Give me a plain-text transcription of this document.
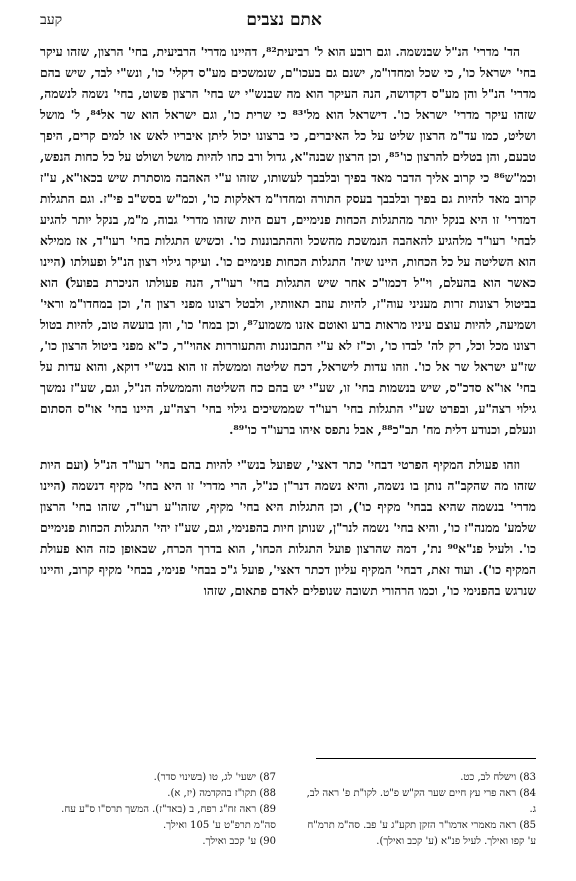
אתם נצבים
קעב

הד' מדרי' הנ"ל שבנשמה. וגם רובע הוא ל' רביעית⁸², דהיינו מדרי' הרביעית, בחי' הרצון, שזהו עיקר בחי' ישראל כו', כי שכל ומחדו"מ, ישנם גם בעכו"ם, שנמשכים מע"ס דקלי' כו', ונש"י לבד, שיש בהם מדרי' הנ"ל והן מע"ס דקדושה, הנה העיקר הוא מה שבנש"י יש בחי' הרצון פשוט, בחי' נשמה לנשמה, שזהו עיקר מדרי' ישראל כו'. דישראל הוא מל'⁸³ כי שרית כו', וגם ישראל הוא שר אל⁸⁴, ל' מושל ושליט, כמו עד"מ הרצון שליט על כל האיברים, כי ברצונו יכול ליתן איבריו לאש או למים קרים, היפך טבעם, והן בטלים להרצון כו'⁸⁵, וכן הרצון שבנה"א, גדול ורב כחו להיות מושל ושולט על כל כחות הנפש, וכמ"ש⁸⁶ כי קרוב אליך הדבר מאד בפיך ובלבבך לעשותו, שזהו ע"י האהבה מוסתרת שיש בכאו"א, ע"ז קרוב מאד להיות גם בפיך ובלבבך בעסק התורה ומחדו"מ דאלקות כו', וכמ"ש בסש"ב פי"ז. וגם התגלות דמדרי' זו היא בנקל יותר מהתגלות הכחות פנימיים, דעם היות שזהו מדרי' גבוה, מ"מ, בנקל יותר להגיע לבחי' רעו"ד מלהגיע להאהבה הנמשכת מהשכל וההתבוננות כו'. וכשיש התגלות בחי' רעו"ד, אז ממילא הוא השליטה על כל הכחות, היינו שיה' התגלות הכחות פנימיים כו'. ועיקר גילוי רצון הנ"ל ופעולתו (היינו כאשר הוא בהעלם, וי"ל דכמו"כ אחר שיש התגלות בחי' רעו"ד, הנה פעולתו הניכרת בפועל) הוא בביטול רצונות זרות מעניני עוה"ז, להיות עוזב תאוותיו, ולבטל רצונו מפני רצון ה', וכן במחדו"מ וראי' ושמיעה, להיות עוצם עיניו מראות ברע ואוטם אזנו משמוע⁸⁷, וכן במח' כו', והן בועשה טוב, להיות בטול רצונו מכל וכל, רק לה' לבדו כו', וכ"ז לא ע"י התבוננות והתעוררות אהוי"ר, כ"א מפני ביטול הרצון כו', שז"ע ישראל שר אל כו'. וזהו עדות לישראל, דכח שליטה וממשלה זו הוא בנש"י דוקא, והוא עדות על בחי' או"א סדכ"ס, שיש בנשמות בחי' זו, שע"י יש בהם כח השליטה והממשלה הנ"ל, וגם, שע"ז נמשך גילוי רצה"ע, ובפרט שע"י התגלות בחי' רעו"ד שממשיכים גילוי בחי' רצה"ע, היינו בחי' או"ס הסתום ונעלם, וכנודע דלית מח' תב"כ⁸⁸, אבל נתפס איהו ברעו"ד כו'⁸⁹.

וזהו פעולת המקיף הפרטי דבחי' כתר דאצי', שפועל בנש"י להיות בהם בחי' רעו"ד הנ"ל (ועם היות שזהו מה שהקב"ה נותן בו נשמה, והיא נשמה דנר"ן כנ"ל, הרי מדרי' זו היא בחי' מקיף דנשמה (היינו מדרי' בנשמה שהיא בבחי' מקיף כו'), וכן התגלות היא בחי' מקיף, שזהו"ע רעו"ד, שזהו בחי' הרצון שלמע' ממנה"ז כו', והיא בחי' נשמה לנר"ן, שנותן חיות בהפנימי, וגם, שע"ז יהי' התגלות הכחות פנימיים כו'. ולעיל פנ"א⁹⁰ נת', דמה שהרצון פועל התגלות הכחו', הוא בדרך הכרח, שבאופן כזה הוא פעולת המקיף כו'). ועוד זאת, דבחי' המקיף עליון דכתר דאצי', פועל ג"כ בבחי' פנימי, בבחי' מקיף קרוב, והיינו שנרגש בהפנימי כו', וכמו הרהורי תשובה שנופלים לאדם פתאום, שזהו

83) וישלח לב, כט.
84) ראה פרי עץ חיים שער הק"ש פ"ט. לקו"ת פ' ראה לב, ג.
85) ראה מאמרי אדמו"ר הזקן תקע"ג ע' פב. סה"מ תרמ"ח ע' קפו ואילך. לעיל פנ"א (ע' קכב ואילך).
87) ישעי' לג, טו (בשינוי סדר).
88) תקו"ז בהקדמה (יז, א).
89) ראה זח"ג רפח, ב (באד"ז). המשך תרס"ו ס"ע עח. סה"מ תרפ"ט ע' 105 ואילך.
90) ע' קכב ואילך.
